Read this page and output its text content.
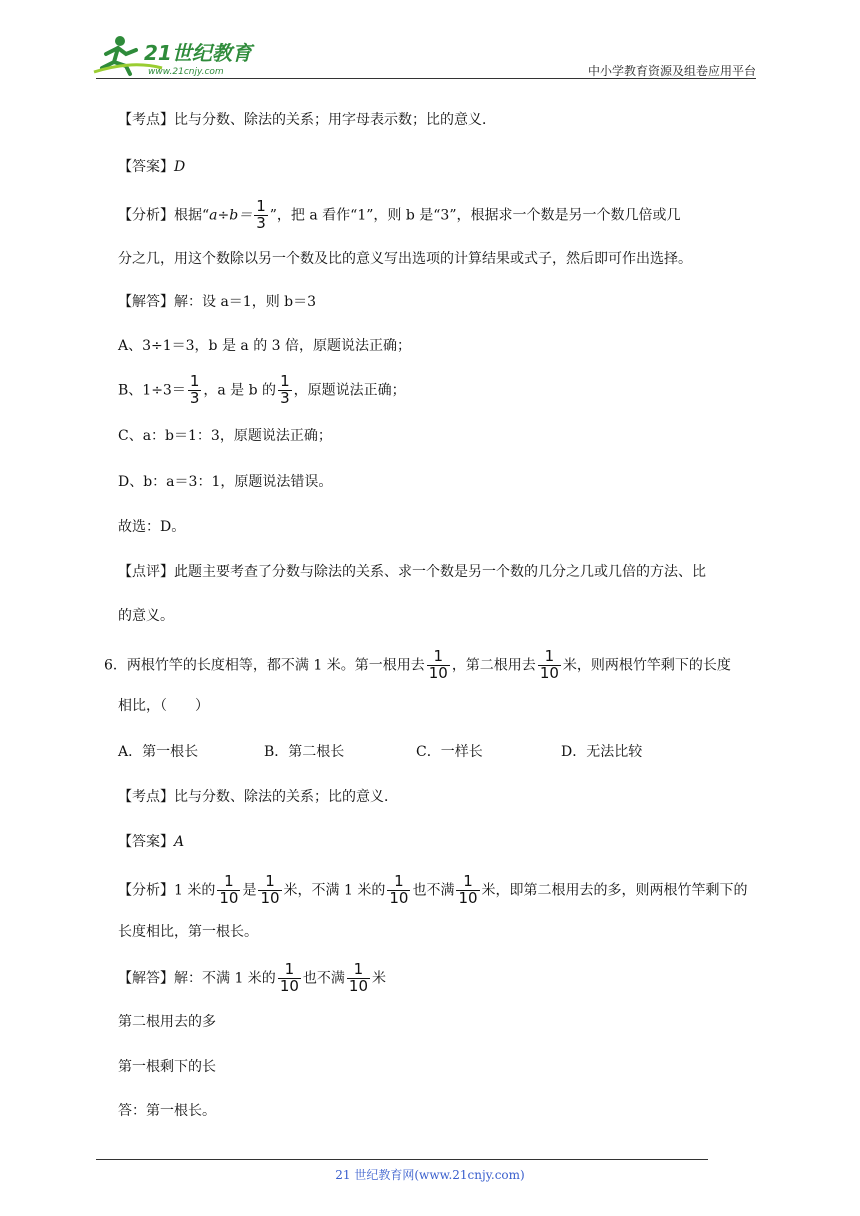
21世纪教育
www.21cnjy.com	中小学教育资源及组卷应用平台
【考点】比与分数、除法的关系；用字母表示数；比的意义．
【答案】D
【分析】根据“$a\div b= \frac{1}{3}$ ”，把 a 看作“1”，则 b 是“3”，根据求一个数是另一个数几倍或几
分之几，用这个数除以另一个数及比的意义写出选项的计算结果或式子，然后即可作出选择。
【解答】解：设 a＝1，则 b＝3
A、3÷1＝3，b 是 a 的 3 倍，原题说法正确；
B、$1\div 3= \frac{1}{3}$ ，a 是 b 的 $\frac{1}{3}$ ，原题说法正确；
C、a：b＝1：3，原题说法正确；
D、b：a＝3：1，原题说法错误。
故选：D。
【点评】此题主要考查了分数与除法的关系、求一个数是另一个数的几分之几或几倍的方法、比
的意义。
6．两根竹竿的长度相等，都不满 1 米。第一根用去 $\frac{1}{10}$ ，第二根用去 $\frac{1}{10}$ 米，则两根竹竿剩下的长度
相比，（　　）
A．第一根长	B．第二根长	C．一样长	D．无法比较
【考点】比与分数、除法的关系；比的意义．
【答案】A
【分析】1 米的 $\frac{1}{10}$ 是 $\frac{1}{10}$ 米，不满 1 米的 $\frac{1}{10}$ 也不满 $\frac{1}{10}$ 米，即第二根用去的多，则两根竹竿剩下的
长度相比，第一根长。
【解答】解：不满 1 米的 $\frac{1}{10}$ 也不满 $\frac{1}{10}$ 米
第二根用去的多
第一根剩下的长
答：第一根长。
21 世纪教育网(www.21cnjy.com)
